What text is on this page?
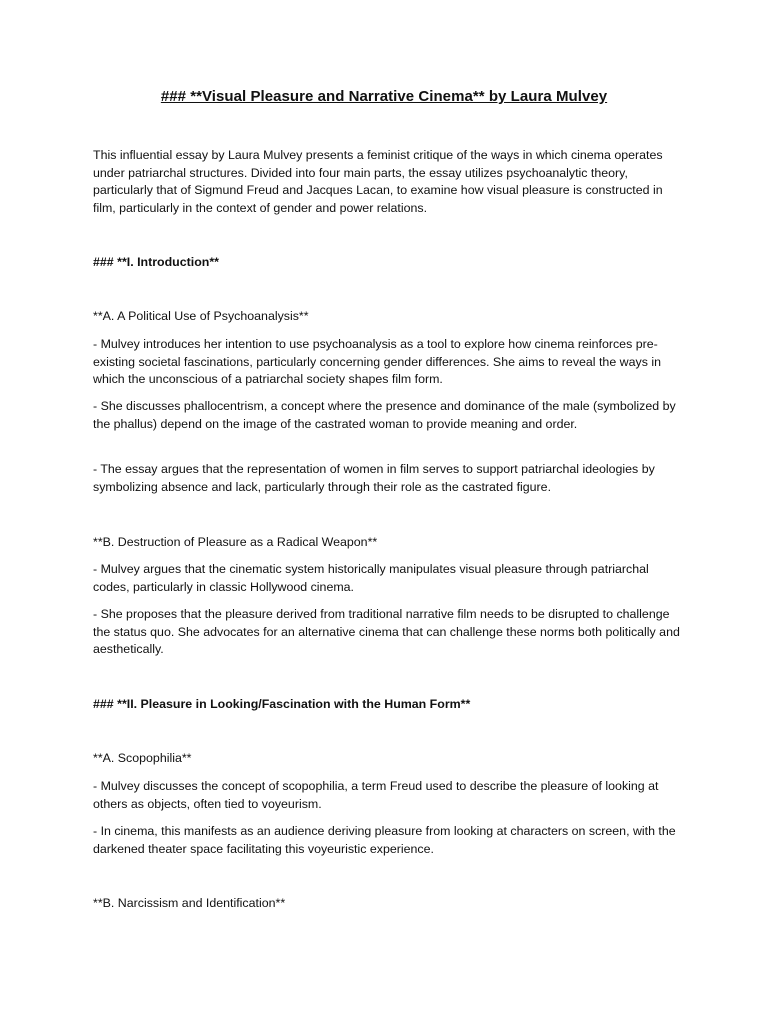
### **Visual Pleasure and Narrative Cinema** by Laura Mulvey

This influential essay by Laura Mulvey presents a feminist critique of the ways in which cinema operates under patriarchal structures. Divided into four main parts, the essay utilizes psychoanalytic theory, particularly that of Sigmund Freud and Jacques Lacan, to examine how visual pleasure is constructed in film, particularly in the context of gender and power relations.

### **I. Introduction**

**A. A Political Use of Psychoanalysis**

- Mulvey introduces her intention to use psychoanalysis as a tool to explore how cinema reinforces pre-existing societal fascinations, particularly concerning gender differences. She aims to reveal the ways in which the unconscious of a patriarchal society shapes film form.

- She discusses phallocentrism, a concept where the presence and dominance of the male (symbolized by the phallus) depend on the image of the castrated woman to provide meaning and order.

- The essay argues that the representation of women in film serves to support patriarchal ideologies by symbolizing absence and lack, particularly through their role as the castrated figure.

**B. Destruction of Pleasure as a Radical Weapon**

- Mulvey argues that the cinematic system historically manipulates visual pleasure through patriarchal codes, particularly in classic Hollywood cinema.

- She proposes that the pleasure derived from traditional narrative film needs to be disrupted to challenge the status quo. She advocates for an alternative cinema that can challenge these norms both politically and aesthetically.

### **II. Pleasure in Looking/Fascination with the Human Form**

**A. Scopophilia**

- Mulvey discusses the concept of scopophilia, a term Freud used to describe the pleasure of looking at others as objects, often tied to voyeurism.

- In cinema, this manifests as an audience deriving pleasure from looking at characters on screen, with the darkened theater space facilitating this voyeuristic experience.

**B. Narcissism and Identification**
